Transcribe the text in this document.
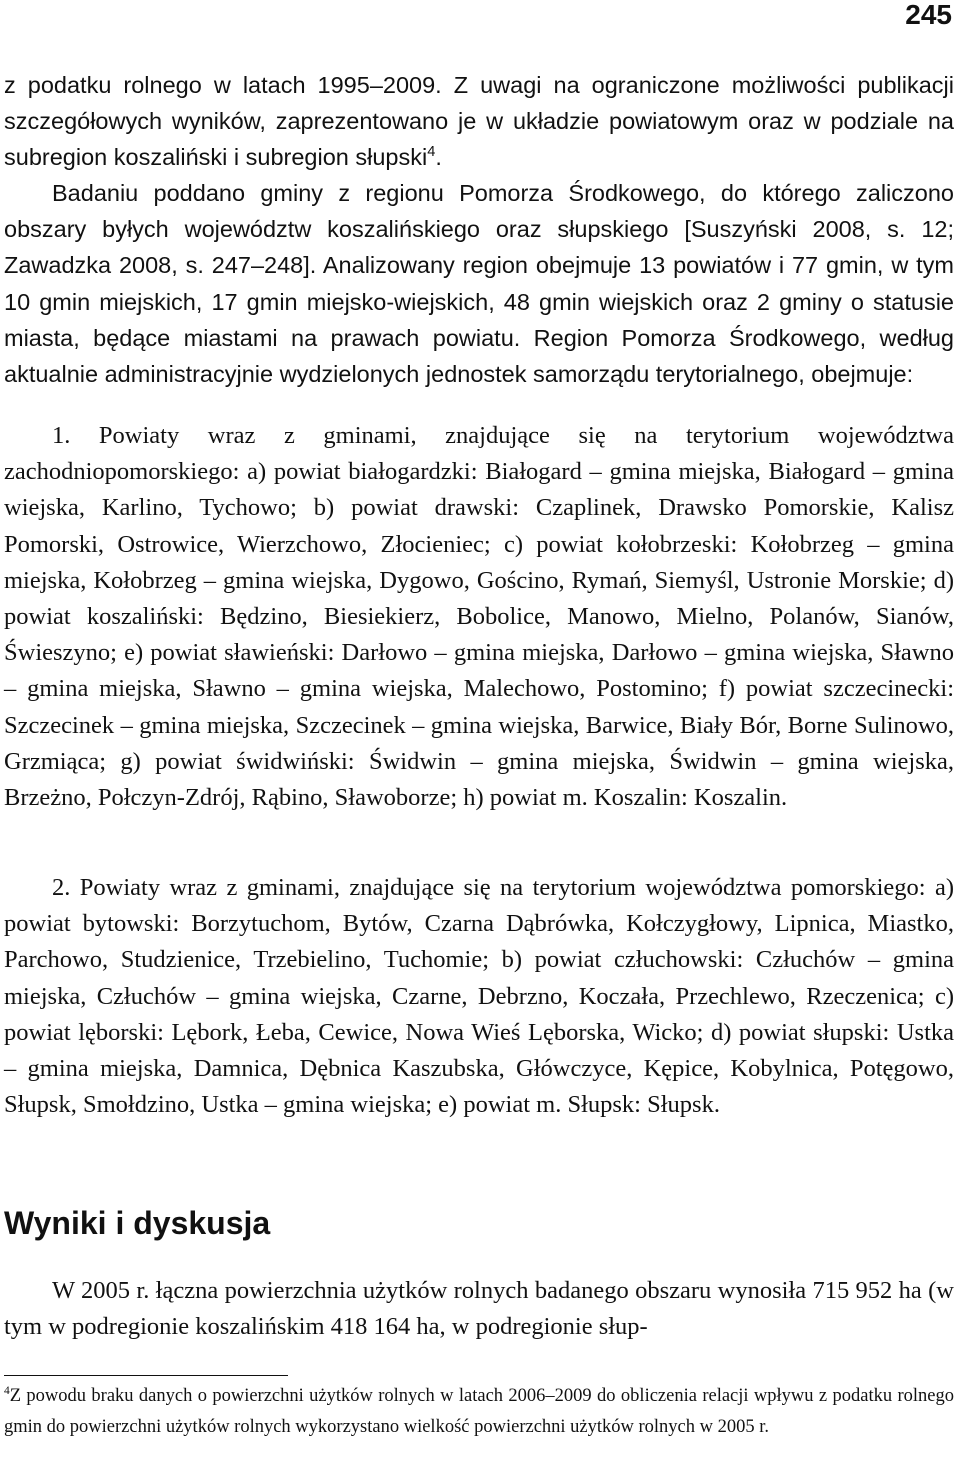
245

z podatku rolnego w latach 1995–2009. Z uwagi na ograniczone możliwości publikacji szczegółowych wyników, zaprezentowano je w układzie powiatowym oraz w podziale na subregion koszaliński i subregion słupski$^4$.

Badaniu poddano gminy z regionu Pomorza Środkowego, do którego zaliczono obszary byłych województw koszalińskiego oraz słupskiego [Suszyński 2008, s. 12; Zawadzka 2008, s. 247–248]. Analizowany region obejmuje 13 powiatów i 77 gmin, w tym 10 gmin miejskich, 17 gmin miejsko-wiejskich, 48 gmin wiejskich oraz 2 gminy o statusie miasta, będące miastami na prawach powiatu. Region Pomorza Środkowego, według aktualnie administracyjnie wydzielonych jednostek samorządu terytorialnego, obejmuje:

1. Powiaty wraz z gminami, znajdujące się na terytorium województwa zachodniopomorskiego: a) powiat białogardzki: Białogard – gmina miejska, Białogard – gmina wiejska, Karlino, Tychowo; b) powiat drawski: Czaplinek, Drawsko Pomorskie, Kalisz Pomorski, Ostrowice, Wierzchowo, Złocieniec; c) powiat kołobrzeski: Kołobrzeg – gmina miejska, Kołobrzeg – gmina wiejska, Dygowo, Gościno, Rymań, Siemyśl, Ustronie Morskie; d) powiat koszaliński: Będzino, Biesiekierz, Bobolice, Manowo, Mielno, Polanów, Sianów, Świeszyno; e) powiat sławieński: Darłowo – gmina miejska, Darłowo – gmina wiejska, Sławno – gmina miejska, Sławno – gmina wiejska, Malechowo, Postomino; f) powiat szczecinecki: Szczecinek – gmina miejska, Szczecinek – gmina wiejska, Barwice, Biały Bór, Borne Sulinowo, Grzmiąca; g) powiat świdwiński: Świdwin – gmina miejska, Świdwin – gmina wiejska, Brzeżno, Połczyn-Zdrój, Rąbino, Sławoborze; h) powiat m. Koszalin: Koszalin.

2. Powiaty wraz z gminami, znajdujące się na terytorium województwa pomorskiego: a) powiat bytowski: Borzytuchom, Bytów, Czarna Dąbrówka, Kołczygłowy, Lipnica, Miastko, Parchowo, Studzienice, Trzebielino, Tuchomie; b) powiat człuchowski: Człuchów – gmina miejska, Człuchów – gmina wiejska, Czarne, Debrzno, Koczała, Przechlewo, Rzeczenica; c) powiat lęborski: Lębork, Łeba, Cewice, Nowa Wieś Lęborska, Wicko; d) powiat słupski: Ustka – gmina miejska, Damnica, Dębnica Kaszubska, Główczyce, Kępice, Kobylnica, Potęgowo, Słupsk, Smołdzino, Ustka – gmina wiejska; e) powiat m. Słupsk: Słupsk.

Wyniki i dyskusja

W 2005 r. łączna powierzchnia użytków rolnych badanego obszaru wynosiła 715 952 ha (w tym w podregionie koszalińskim 418 164 ha, w podregionie słup-

$^4$Z powodu braku danych o powierzchni użytków rolnych w latach 2006–2009 do obliczenia relacji wpływu z podatku rolnego gmin do powierzchni użytków rolnych wykorzystano wielkość powierzchni użytków rolnych w 2005 r.
